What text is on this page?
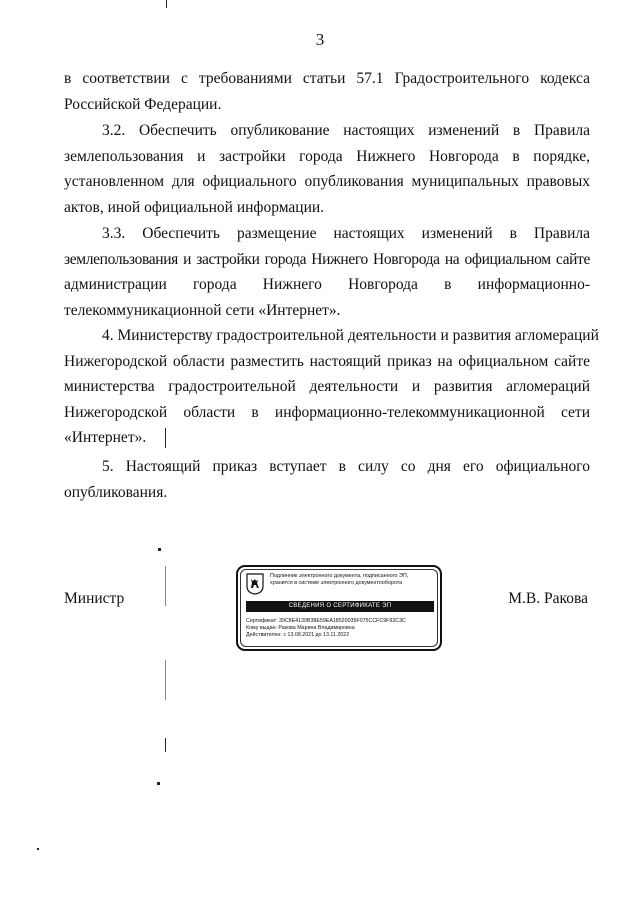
3
в соответствии с требованиями статьи 57.1 Градостроительного кодекса
Российской Федерации.
3.2. Обеспечить опубликование настоящих изменений в Правила
землепользования и застройки города Нижнего Новгорода в порядке,
установленном для официального опубликования муниципальных правовых
актов, иной официальной информации.
3.3. Обеспечить размещение настоящих изменений в Правила
землепользования и застройки города Нижнего Новгорода на официальном сайте
администрации города Нижнего Новгорода в информационно-
телекоммуникационной сети «Интернет».
4. Министерству градостроительной деятельности и развития агломераций
Нижегородской области разместить настоящий приказ на официальном сайте
министерства градостроительной деятельности и развития агломераций
Нижегородской области в информационно-телекоммуникационной сети
«Интернет».
5. Настоящий приказ вступает в силу со дня его официального
опубликования.
Министр	М.В. Ракова
Подлинник электронного документа, подписанного ЭП,
хранится в системе электронного документооборота
СВЕДЕНИЯ О СЕРТИФИКАТЕ ЭП
Сертификат: 39C8E4130B38E59EA18520035F075CCFC9F92C3C
Кому выдан: Ракова Марина Владимировна
Действителен: с 13.08.2021 до 13.11.2022
